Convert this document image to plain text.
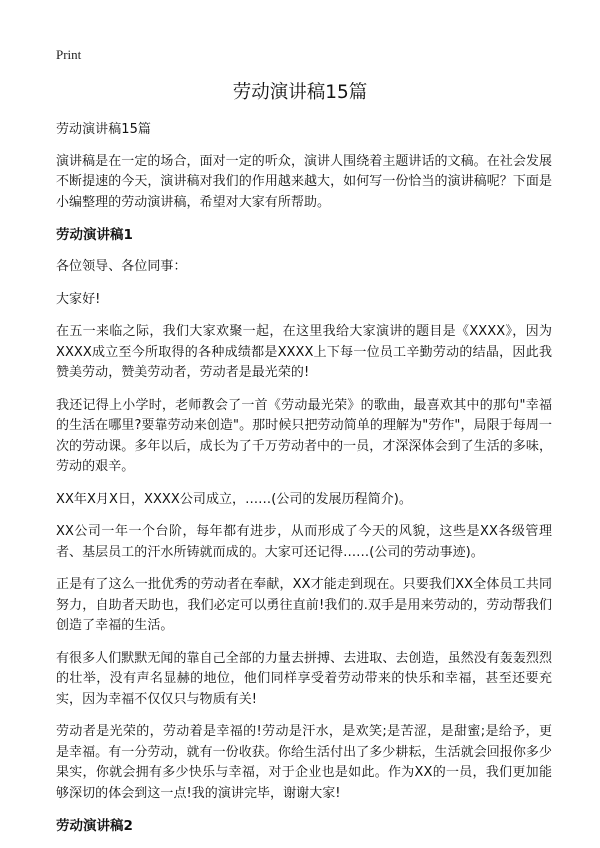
Print
劳动演讲稿15篇

劳动演讲稿15篇

演讲稿是在一定的场合，面对一定的听众，演讲人围绕着主题讲话的文稿。在社会发展不断提速的今天，演讲稿对我们的作用越来越大，如何写一份恰当的演讲稿呢？下面是小编整理的劳动演讲稿，希望对大家有所帮助。

劳动演讲稿1

各位领导、各位同事：

大家好!

在五一来临之际，我们大家欢聚一起，在这里我给大家演讲的题目是《XXXX》，因为XXXX成立至今所取得的各种成绩都是XXXX上下每一位员工辛勤劳动的结晶，因此我赞美劳动，赞美劳动者，劳动者是最光荣的!

我还记得上小学时，老师教会了一首《劳动最光荣》的歌曲，最喜欢其中的那句"幸福的生活在哪里?要靠劳动来创造"。那时候只把劳动简单的理解为"劳作"，局限于每周一次的劳动课。多年以后，成长为了千万劳动者中的一员，才深深体会到了生活的多味，劳动的艰辛。

XX年X月X日，XXXX公司成立，……(公司的发展历程简介)。

XX公司一年一个台阶，每年都有进步，从而形成了今天的风貌，这些是XX各级管理者、基层员工的汗水所铸就而成的。大家可还记得……(公司的劳动事迹)。

正是有了这么一批优秀的劳动者在奉献，XX才能走到现在。只要我们XX全体员工共同努力，自助者天助也，我们必定可以勇往直前!我们的.双手是用来劳动的，劳动帮我们创造了幸福的生活。

有很多人们默默无闻的靠自己全部的力量去拼搏、去进取、去创造，虽然没有轰轰烈烈的壮举，没有声名显赫的地位，他们同样享受着劳动带来的快乐和幸福，甚至还要充实，因为幸福不仅仅只与物质有关!

劳动者是光荣的，劳动着是幸福的!劳动是汗水，是欢笑;是苦涩，是甜蜜;是给予，更是幸福。有一分劳动，就有一份收获。你给生活付出了多少耕耘，生活就会回报你多少果实，你就会拥有多少快乐与幸福，对于企业也是如此。作为XX的一员，我们更加能够深切的体会到这一点!我的演讲完毕，谢谢大家!

劳动演讲稿2
